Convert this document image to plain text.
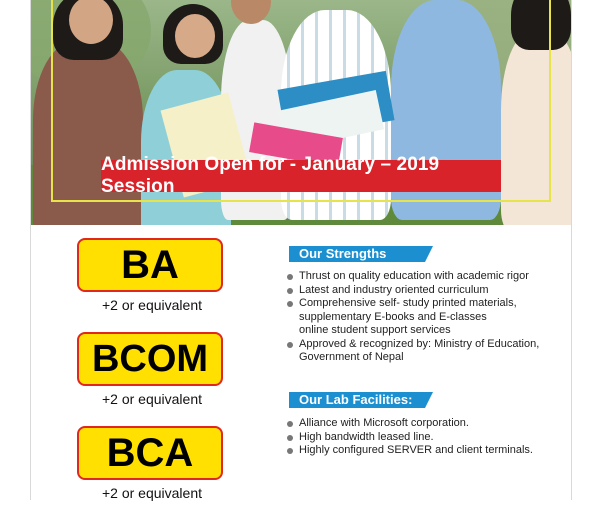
Admission Open for - January – 2019 Session
BA
+2 or equivalent
BCOM
+2 or equivalent
BCA
+2 or equivalent
Our Strengths
Thrust on quality education with academic rigor
Latest and industry oriented curriculum
Comprehensive self- study printed materials,
supplementary E-books and E-classes
online student support services
Approved & recognized by: Ministry of Education,
Government of Nepal
Our Lab Facilities:
Alliance with Microsoft corporation.
High bandwidth leased line.
Highly configured SERVER and client terminals.
